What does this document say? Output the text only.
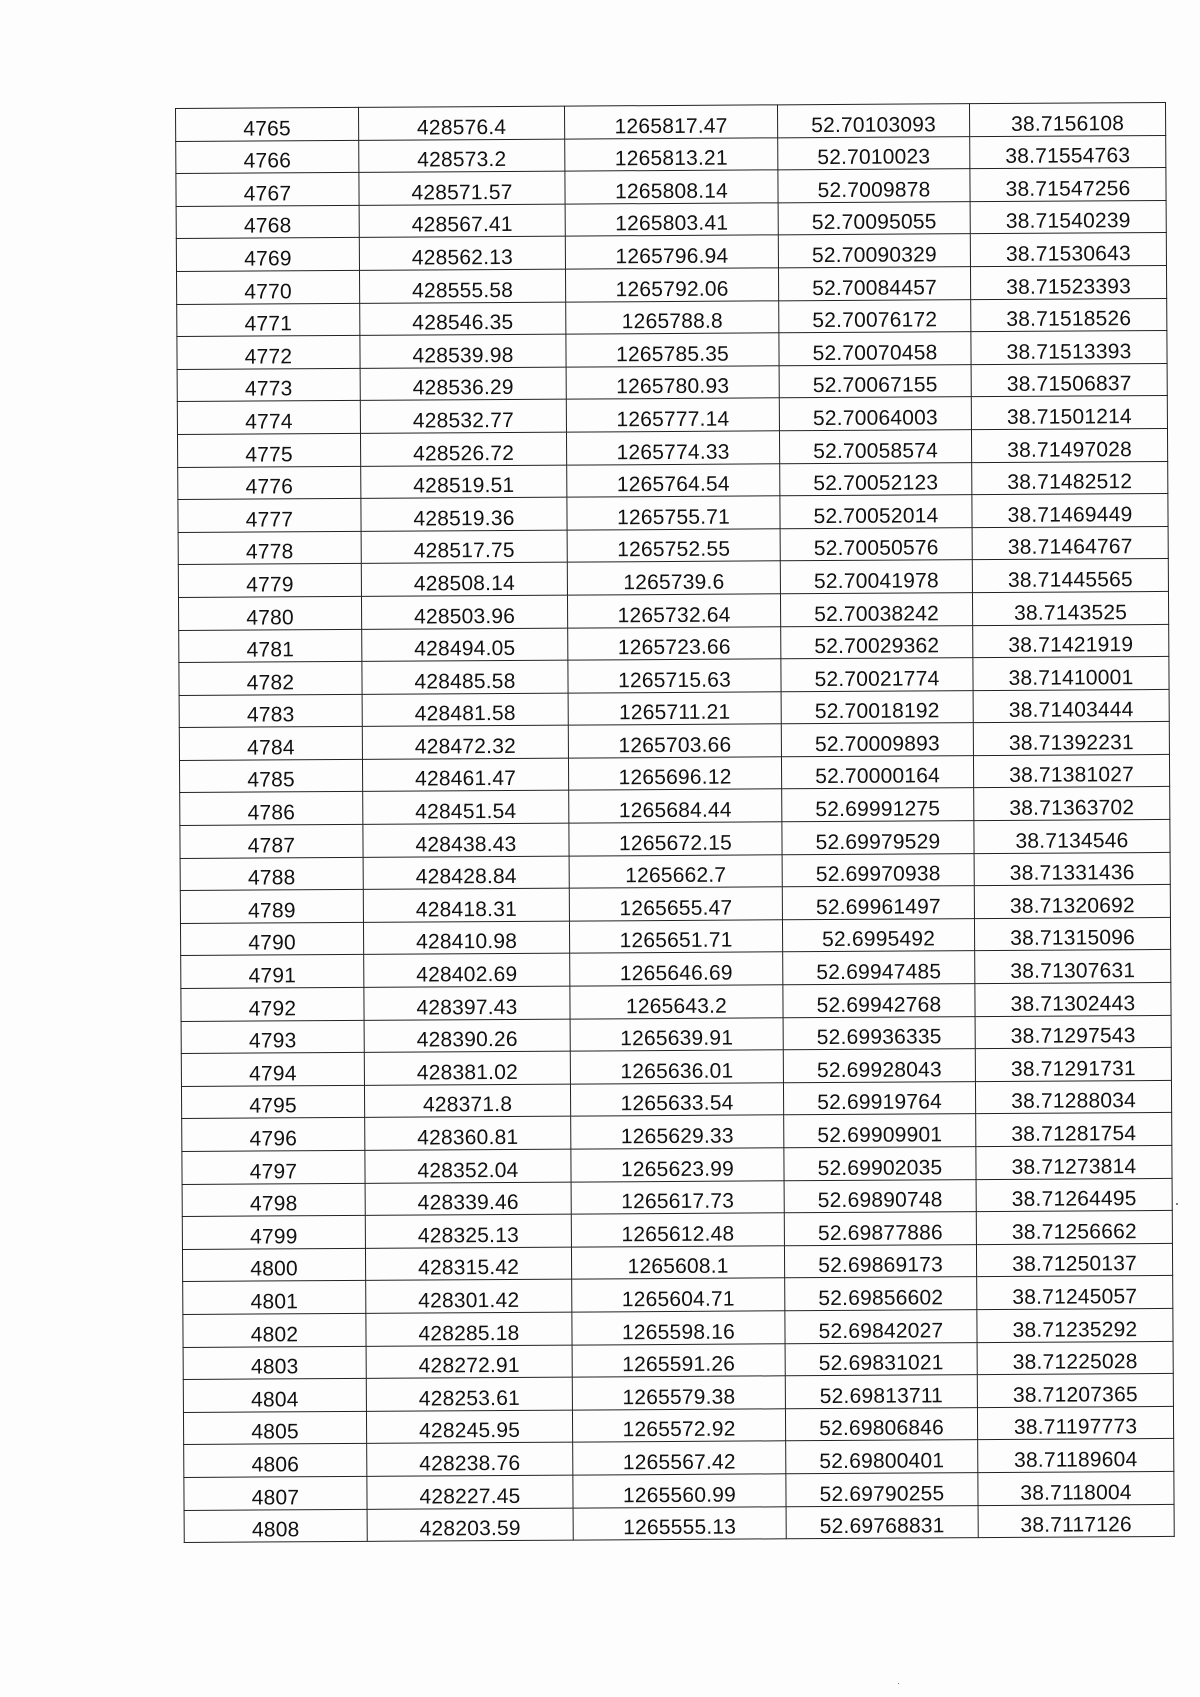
4765	428576.4	1265817.47	52.70103093	38.7156108
4766	428573.2	1265813.21	52.7010023	38.71554763
4767	428571.57	1265808.14	52.7009878	38.71547256
4768	428567.41	1265803.41	52.70095055	38.71540239
4769	428562.13	1265796.94	52.70090329	38.71530643
4770	428555.58	1265792.06	52.70084457	38.71523393
4771	428546.35	1265788.8	52.70076172	38.71518526
4772	428539.98	1265785.35	52.70070458	38.71513393
4773	428536.29	1265780.93	52.70067155	38.71506837
4774	428532.77	1265777.14	52.70064003	38.71501214
4775	428526.72	1265774.33	52.70058574	38.71497028
4776	428519.51	1265764.54	52.70052123	38.71482512
4777	428519.36	1265755.71	52.70052014	38.71469449
4778	428517.75	1265752.55	52.70050576	38.71464767
4779	428508.14	1265739.6	52.70041978	38.71445565
4780	428503.96	1265732.64	52.70038242	38.7143525
4781	428494.05	1265723.66	52.70029362	38.71421919
4782	428485.58	1265715.63	52.70021774	38.71410001
4783	428481.58	1265711.21	52.70018192	38.71403444
4784	428472.32	1265703.66	52.70009893	38.71392231
4785	428461.47	1265696.12	52.70000164	38.71381027
4786	428451.54	1265684.44	52.69991275	38.71363702
4787	428438.43	1265672.15	52.69979529	38.7134546
4788	428428.84	1265662.7	52.69970938	38.71331436
4789	428418.31	1265655.47	52.69961497	38.71320692
4790	428410.98	1265651.71	52.6995492	38.71315096
4791	428402.69	1265646.69	52.69947485	38.71307631
4792	428397.43	1265643.2	52.69942768	38.71302443
4793	428390.26	1265639.91	52.69936335	38.71297543
4794	428381.02	1265636.01	52.69928043	38.71291731
4795	428371.8	1265633.54	52.69919764	38.71288034
4796	428360.81	1265629.33	52.69909901	38.71281754
4797	428352.04	1265623.99	52.69902035	38.71273814
4798	428339.46	1265617.73	52.69890748	38.71264495
4799	428325.13	1265612.48	52.69877886	38.71256662
4800	428315.42	1265608.1	52.69869173	38.71250137
4801	428301.42	1265604.71	52.69856602	38.71245057
4802	428285.18	1265598.16	52.69842027	38.71235292
4803	428272.91	1265591.26	52.69831021	38.71225028
4804	428253.61	1265579.38	52.69813711	38.71207365
4805	428245.95	1265572.92	52.69806846	38.71197773
4806	428238.76	1265567.42	52.69800401	38.71189604
4807	428227.45	1265560.99	52.69790255	38.7118004
4808	428203.59	1265555.13	52.69768831	38.7117126
